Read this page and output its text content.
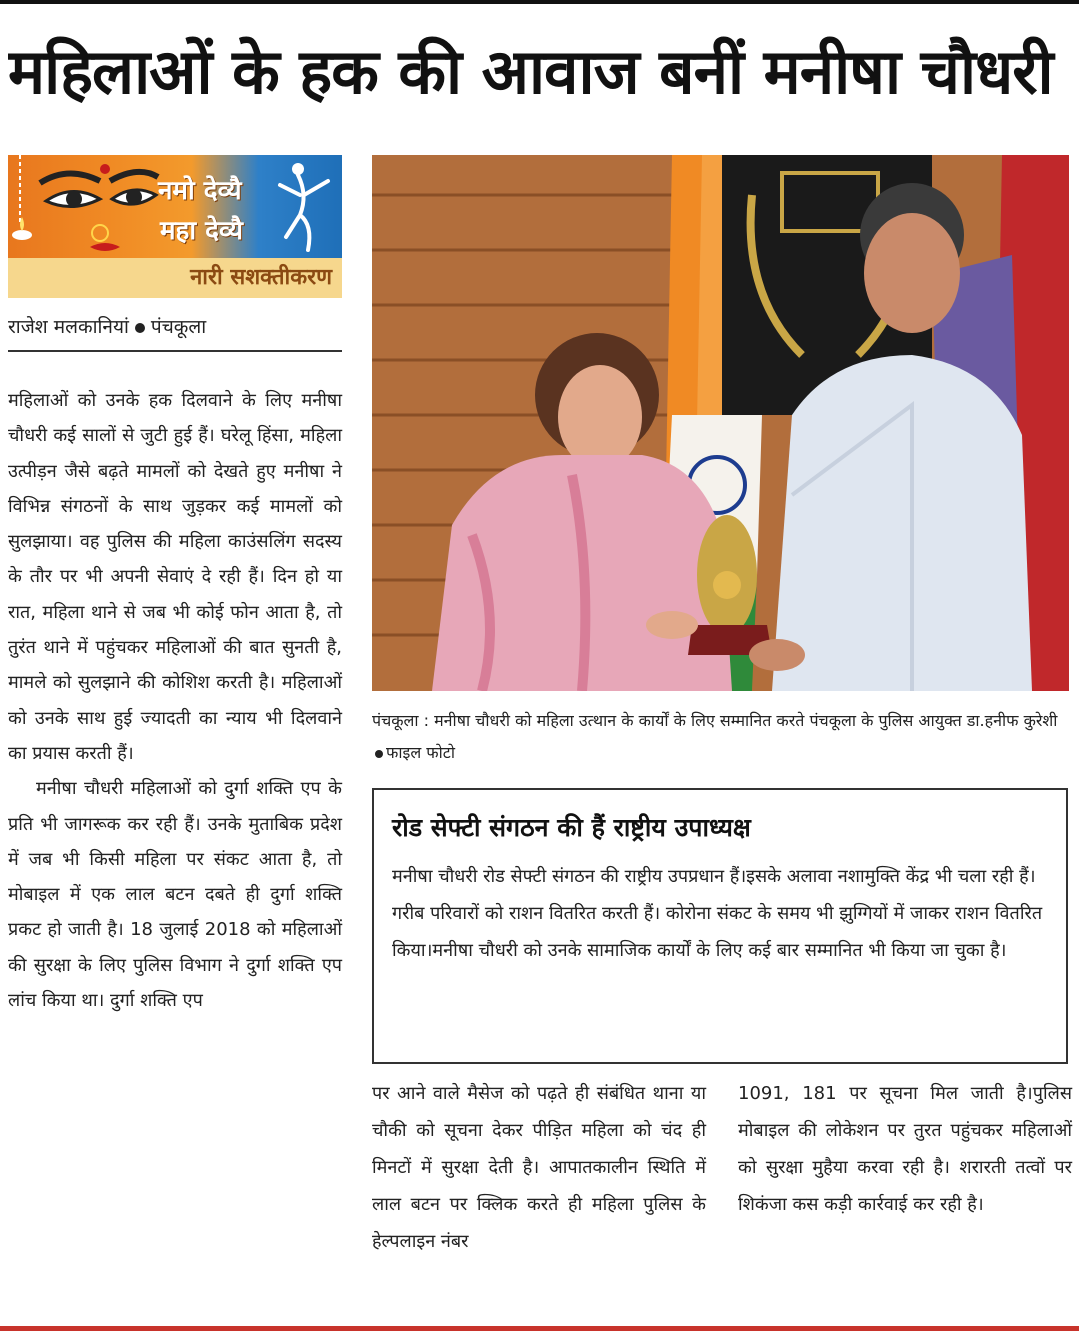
महिलाओं के हक की आवाज बनीं मनीषा चौधरी
नमो देव्यै
महा देव्यै
नारी सशक्तीकरण
राजेश मलकानियां पंचकूला

महिलाओं को उनके हक दिलवाने के लिए मनीषा चौधरी कई सालों से जुटी हुई हैं। घरेलू हिंसा, महिला उत्पीड़न जैसे बढ़ते मामलों को देखते हुए मनीषा ने विभिन्न संगठनों के साथ जुड़कर कई मामलों को सुलझाया। वह पुलिस की महिला काउंसलिंग सदस्य के तौर पर भी अपनी सेवाएं दे रही हैं। दिन हो या रात, महिला थाने से जब भी कोई फोन आता है, तो तुरंत थाने में पहुंचकर महिलाओं की बात सुनती है, मामले को सुलझाने की कोशिश करती है। महिलाओं को उनके साथ हुई ज्यादती का न्याय भी दिलवाने का प्रयास करती हैं।

मनीषा चौधरी महिलाओं को दुर्गा शक्ति एप के प्रति भी जागरूक कर रही हैं। उनके मुताबिक प्रदेश में जब भी किसी महिला पर संकट आता है, तो मोबाइल में एक लाल बटन दबते ही दुर्गा शक्ति प्रकट हो जाती है। 18 जुलाई 2018 को महिलाओं की सुरक्षा के लिए पुलिस विभाग ने दुर्गा शक्ति एप लांच किया था। दुर्गा शक्ति एप

पंचकूला : मनीषा चौधरी को महिला उत्थान के कार्यों के लिए सम्मानित करते पंचकूला के पुलिस आयुक्त डा.हनीफ कुरेशी फाइल फोटो
रोड सेफ्टी संगठन की हैं राष्ट्रीय उपाध्यक्ष
मनीषा चौधरी रोड सेफ्टी संगठन की राष्ट्रीय उपप्रधान हैं।इसके अलावा नशामुक्ति केंद्र भी चला रही हैं।गरीब परिवारों को राशन वितरित करती हैं। कोरोना संकट के समय भी झुग्गियों में जाकर राशन वितरित किया।मनीषा चौधरी को उनके सामाजिक कार्यों के लिए कई बार सम्मानित भी किया जा चुका है।

पर आने वाले मैसेज को पढ़ते ही संबंधित थाना या चौकी को सूचना देकर पीड़ित महिला को चंद ही मिनटों में सुरक्षा देती है। आपातकालीन स्थिति में लाल बटन पर क्लिक करते ही महिला पुलिस के हेल्पलाइन नंबर

1091, 181 पर सूचना मिल जाती है।पुलिस मोबाइल की लोकेशन पर तुरत पहुंचकर महिलाओं को सुरक्षा मुहैया करवा रही है। शरारती तत्वों पर शिकंजा कस कड़ी कार्रवाई कर रही है।
